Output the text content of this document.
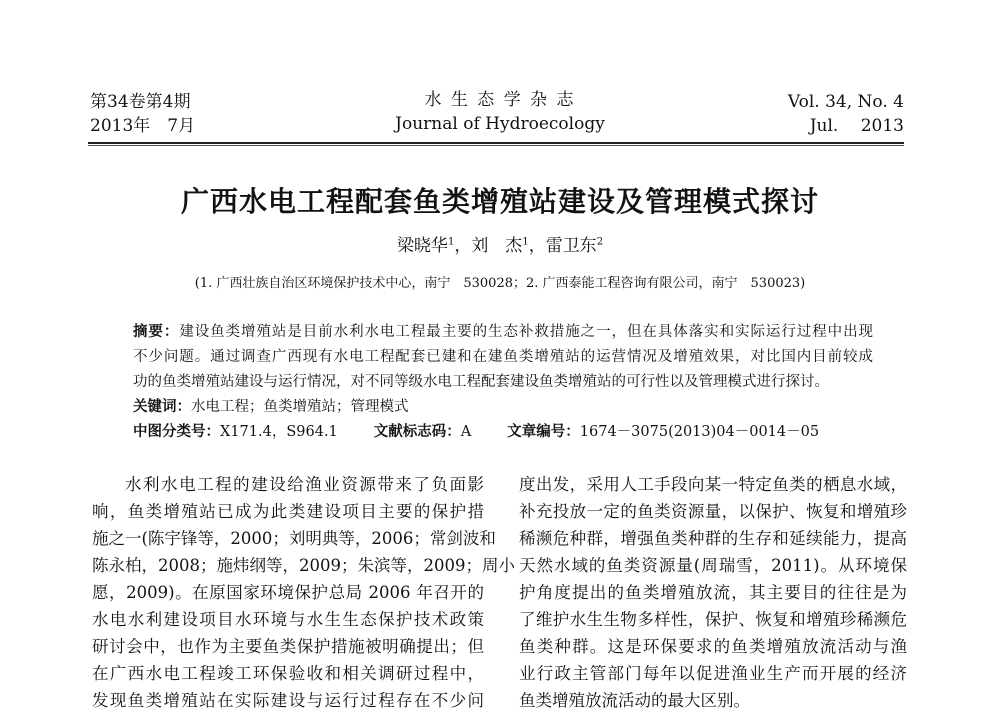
第34卷第4期
2013年　7月
水 生 态 学 杂 志
Journal of Hydroecology
Vol. 34, No. 4
Jul.　 2013
广西水电工程配套鱼类增殖站建设及管理模式探讨
梁晓华$^1$，刘　杰$^1$，雷卫东$^2$
(1. 广西壮族自治区环境保护技术中心，南宁　530028；2. 广西泰能工程咨询有限公司，南宁　530023)
摘要：建设鱼类增殖站是目前水利水电工程最主要的生态补救措施之一，但在具体落实和实际运行过程中出现
不少问题。通过调查广西现有水电工程配套已建和在建鱼类增殖站的运营情况及增殖效果，对比国内目前较成
功的鱼类增殖站建设与运行情况，对不同等级水电工程配套建设鱼类增殖站的可行性以及管理模式进行探讨。
关键词：水电工程；鱼类增殖站；管理模式
中图分类号：X171.4，S964.1 文献标志码：A 文章编号：1674－3075(2013)04－0014－05
水利水电工程的建设给渔业资源带来了负面影
响，鱼类增殖站已成为此类建设项目主要的保护措
施之一(陈宇锋等，2000；刘明典等，2006；常剑波和
陈永柏，2008；施炜纲等，2009；朱滨等，2009；周小
愿，2009)。在原国家环境保护总局 2006 年召开的
水电水利建设项目水环境与水生生态保护技术政策
研讨会中，也作为主要鱼类保护措施被明确提出；但
在广西水电工程竣工环保验收和相关调研过程中，
发现鱼类增殖站在实际建设与运行过程存在不少问
度出发，采用人工手段向某一特定鱼类的栖息水域，
补充投放一定的鱼类资源量，以保护、恢复和增殖珍
稀濒危种群，增强鱼类种群的生存和延续能力，提高
天然水域的鱼类资源量(周瑞雪，2011)。从环境保
护角度提出的鱼类增殖放流，其主要目的往往是为
了维护水生生物多样性，保护、恢复和增殖珍稀濒危
鱼类种群。这是环保要求的鱼类增殖放流活动与渔
业行政主管部门每年以促进渔业生产而开展的经济
鱼类增殖放流活动的最大区别。
